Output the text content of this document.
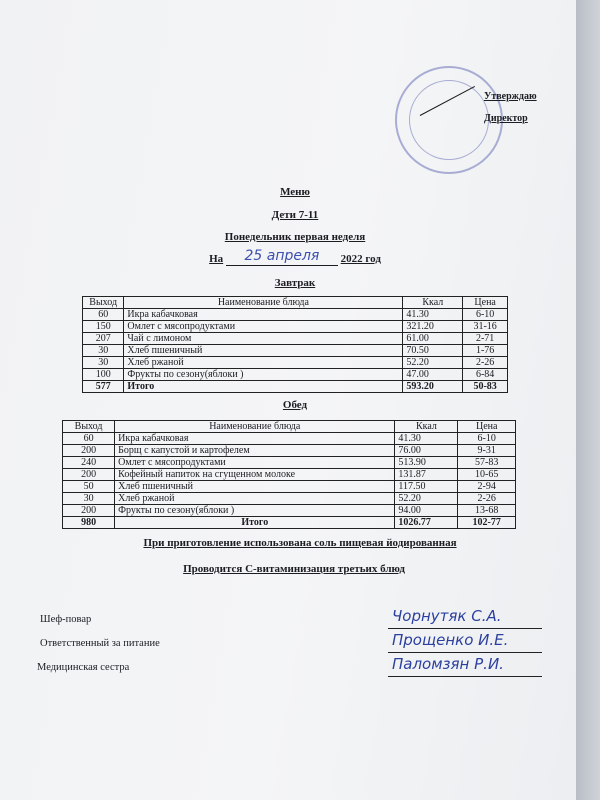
Утверждаю
Директор
Меню
Дети 7-11
Понедельник первая неделя
На 25 апреля 2022 год
Завтрак
Выход	Наименование блюда	Ккал	Цена
60	Икра кабачковая	41.30	6-10
150	Омлет с мясопродуктами	321.20	31-16
207	Чай с лимоном	61.00	2-71
30	Хлеб пшеничный	70.50	1-76
30	Хлеб ржаной	52.20	2-26
100	Фрукты по сезону(яблоки )	47.00	6-84
577	Итого	593.20	50-83
Обед
Выход	Наименование блюда	Ккал	Цена
60	Икра кабачковая	41.30	6-10
200	Борщ с капустой и картофелем	76.00	9-31
240	Омлет с мясопродуктами	513.90	57-83
200	Кофейный напиток на сгущенном молоке	131.87	10-65
50	Хлеб пшеничный	117.50	2-94
30	Хлеб ржаной	52.20	2-26
200	Фрукты по сезону(яблоки )	94.00	13-68
980	Итого	1026.77	102-77
При приготовление использована соль пищевая йодированная
Проводится С-витаминизация третьих блюд
Шеф-повар	Чорнутяк С.А.
Ответственный за питание	Прощенко И.Е.
Медицинская сестра	Паломзян Р.И.
